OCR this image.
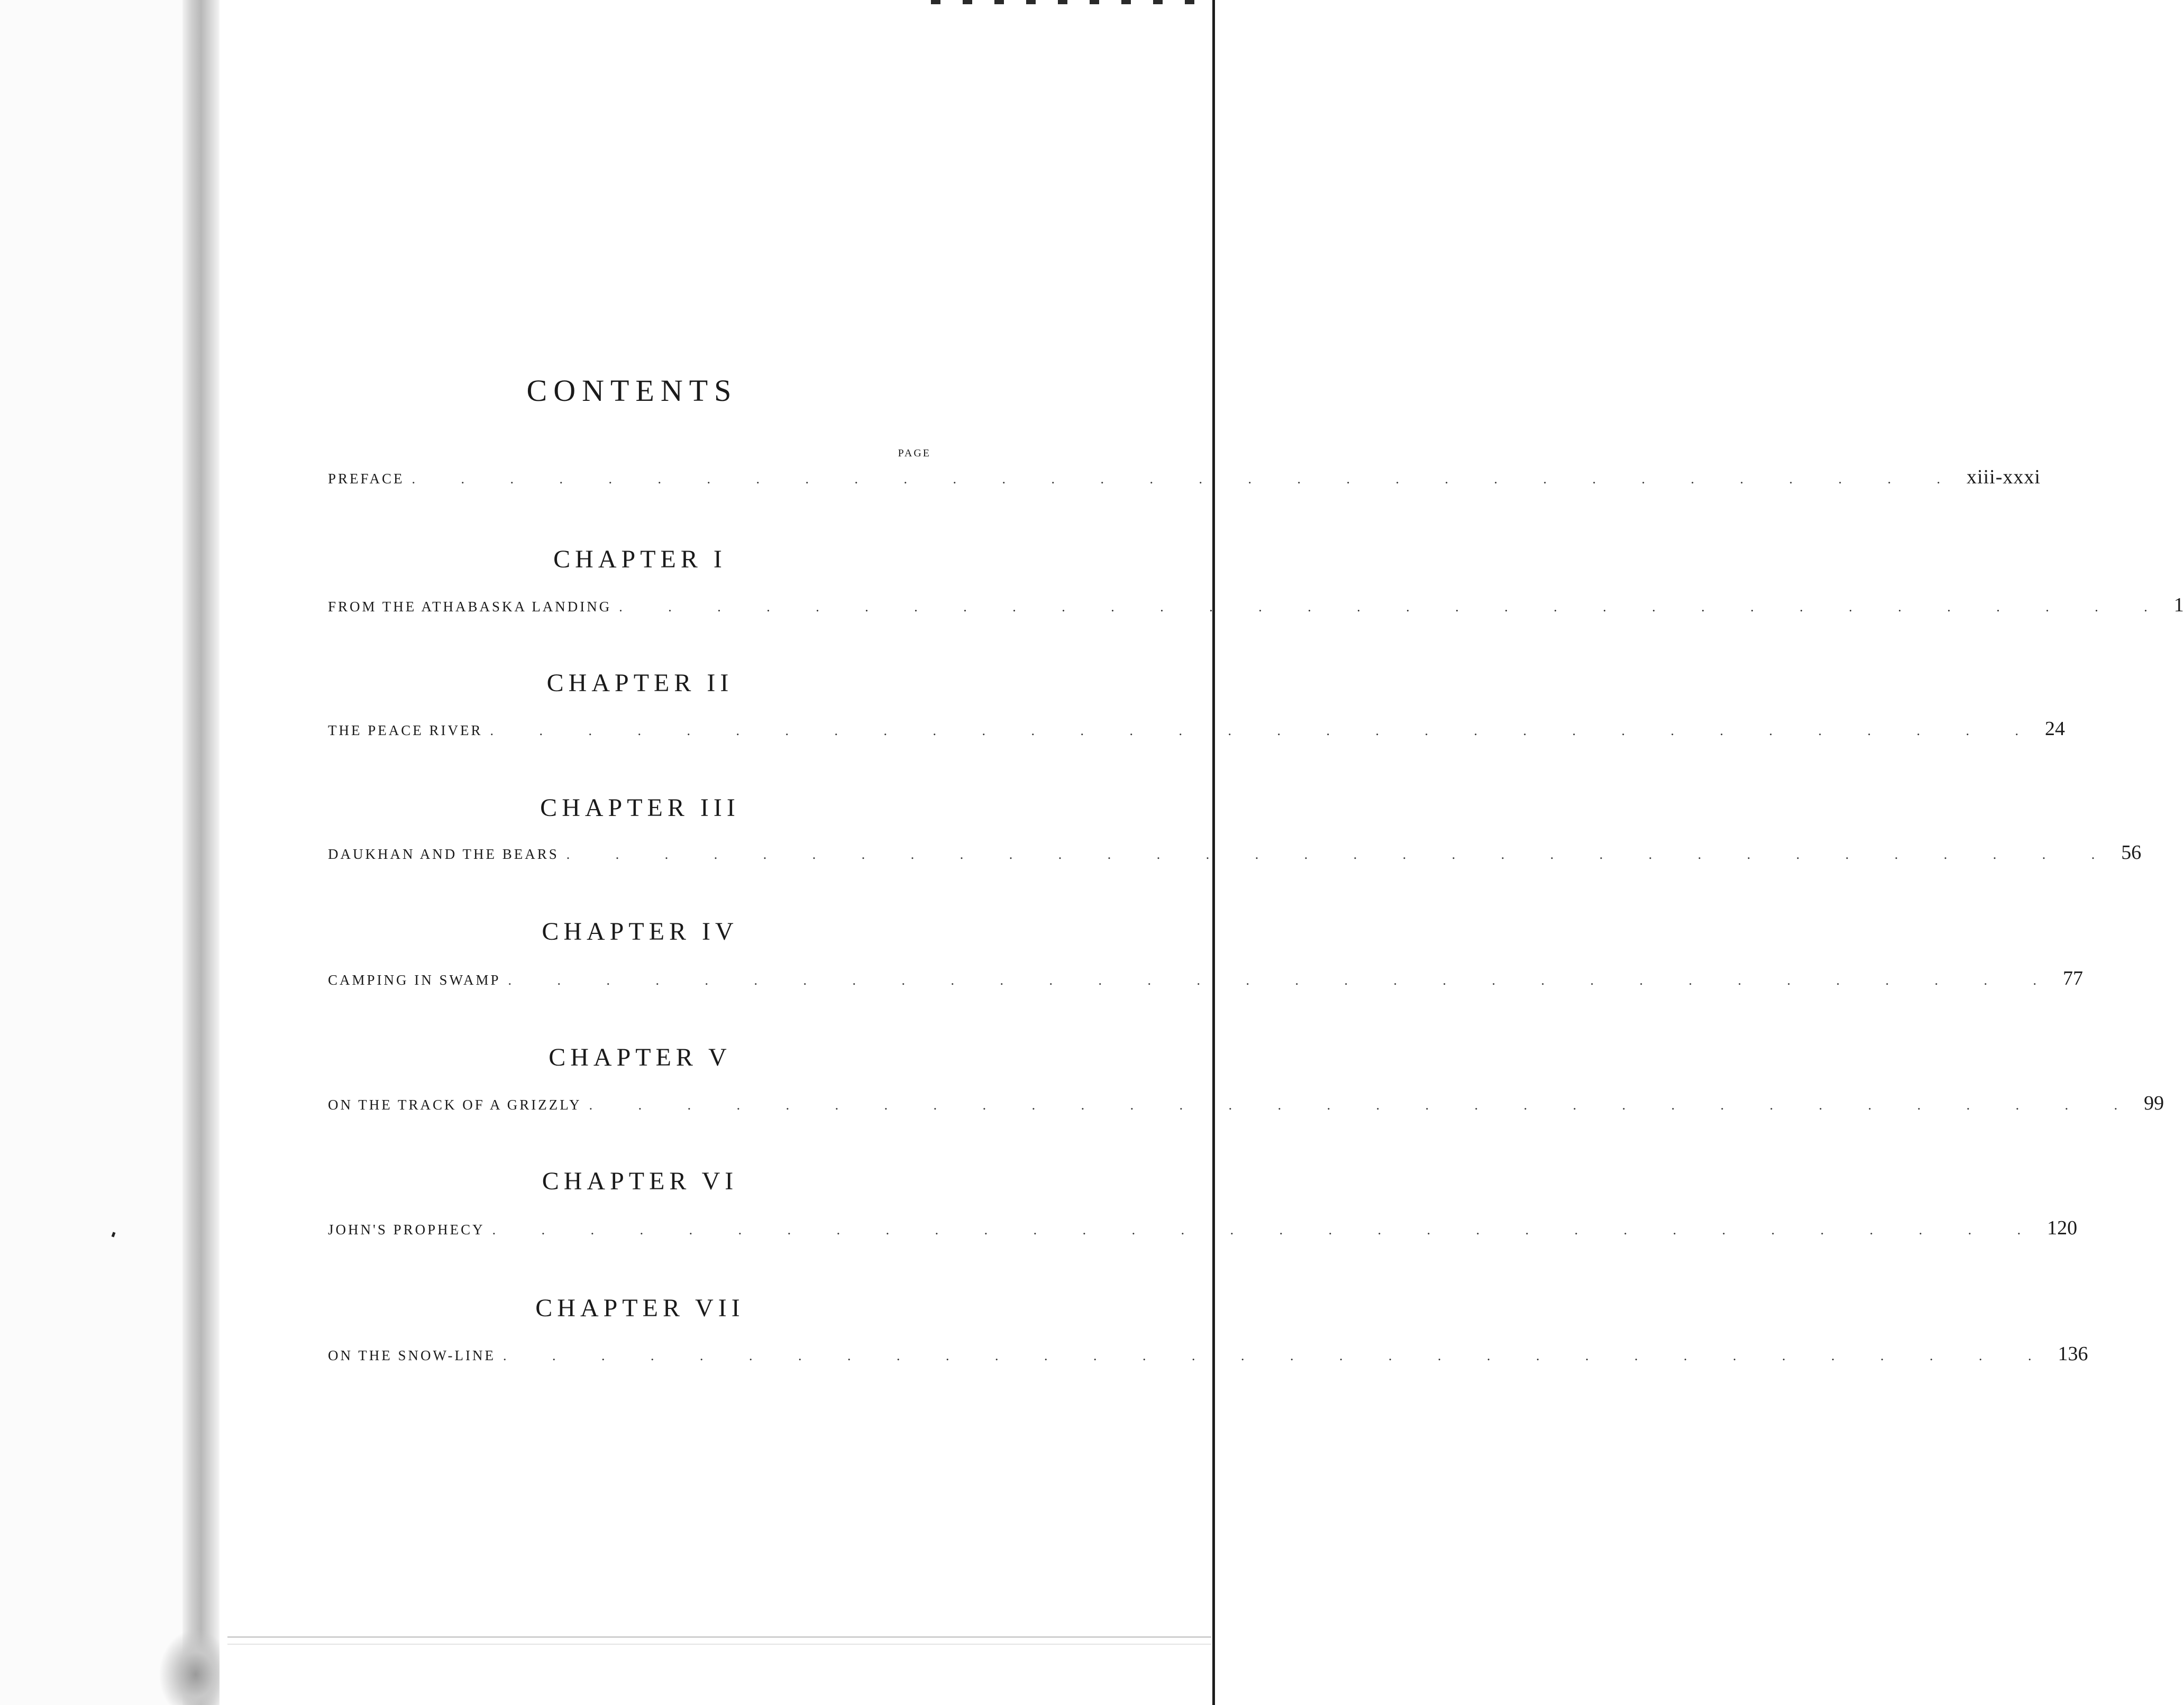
CONTENTS
PAGE
PREFACE . . . . . . . . . . . . . . . . . . . . . . . . . . . . . . . . xiii-xxxi
CHAPTER I
FROM THE ATHABASKA LANDING . . . . . . . . . . . . . . . . . . . . . . . . . . . . . . . . 1
CHAPTER II
THE PEACE RIVER . . . . . . . . . . . . . . . . . . . . . . . . . . . . . . . . 24
CHAPTER III
DAUKHAN AND THE BEARS . . . . . . . . . . . . . . . . . . . . . . . . . . . . . . . . 56
CHAPTER IV
CAMPING IN SWAMP . . . . . . . . . . . . . . . . . . . . . . . . . . . . . . . . 77
CHAPTER V
ON THE TRACK OF A GRIZZLY . . . . . . . . . . . . . . . . . . . . . . . . . . . . . . . . 99
CHAPTER VI
JOHN'S PROPHECY . . . . . . . . . . . . . . . . . . . . . . . . . . . . . . . . 120
CHAPTER VII
ON THE SNOW-LINE . . . . . . . . . . . . . . . . . . . . . . . . . . . . . . . . 136
